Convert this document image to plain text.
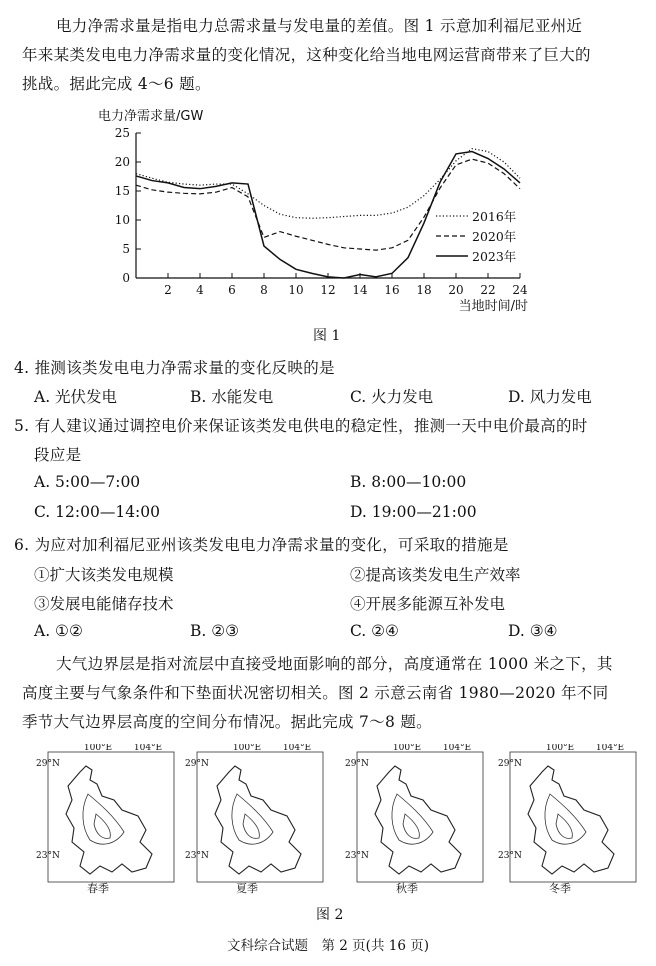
电力净需求量是指电力总需求量与发电量的差值。图 1 示意加利福尼亚州近
年来某类发电电力净需求量的变化情况，这种变化给当地电网运营商带来了巨大的
挑战。据此完成 4～6 题。
0
5
10
15
20
25
2 4 6 8 10 12 14 16 18 20 22 24
电力净需求量/GW
当地时间/时
2016年
2020年
2023年
图 1
4. 推测该类发电电力净需求量的变化反映的是
A. 光伏发电	B. 水能发电	C. 火力发电	D. 风力发电
5. 有人建议通过调控电价来保证该类发电供电的稳定性，推测一天中电价最高的时
段应是
A. 5:00—7:00	B. 8:00—10:00
C. 12:00—14:00	D. 19:00—21:00
6. 为应对加利福尼亚州该类发电电力净需求量的变化，可采取的措施是
①扩大该类发电规模	②提高该类发电生产效率
③发展电能储存技术	④开展多能源互补发电
A. ①②	B. ②③	C. ②④	D. ③④
大气边界层是指对流层中直接受地面影响的部分，高度通常在 1000 米之下，其
高度主要与气象条件和下垫面状况密切相关。图 2 示意云南省 1980—2020 年不同
季节大气边界层高度的空间分布情况。据此完成 7～8 题。
100°E 104°E
29°N
23°N
春季
100°E 104°E
29°N
23°N
夏季
100°E 104°E
29°N
23°N
秋季
100°E 104°E
29°N
23°N
冬季
图 2
文科综合试题　第 2 页(共 16 页)
